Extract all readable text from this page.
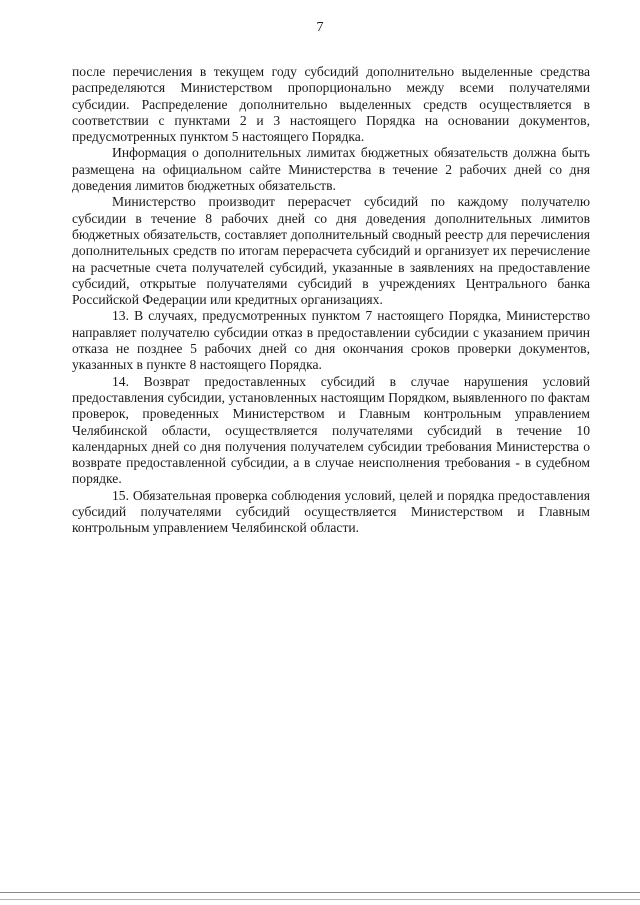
7

после перечисления в текущем году субсидий дополнительно выделенные средства распределяются Министерством пропорционально между всеми получателями субсидии. Распределение дополнительно выделенных средств осуществляется в соответствии с пунктами 2 и 3 настоящего Порядка на основании документов, предусмотренных пунктом 5 настоящего Порядка.

Информация о дополнительных лимитах бюджетных обязательств должна быть размещена на официальном сайте Министерства в течение 2 рабочих дней со дня доведения лимитов бюджетных обязательств.

Министерство производит перерасчет субсидий по каждому получателю субсидии в течение 8 рабочих дней со дня доведения дополнительных лимитов бюджетных обязательств, составляет дополнительный сводный реестр для перечисления дополнительных средств по итогам перерасчета субсидий и организует их перечисление на расчетные счета получателей субсидий, указанные в заявлениях на предоставление субсидий, открытые получателями субсидий в учреждениях Центрального банка Российской Федерации или кредитных организациях.

13. В случаях, предусмотренных пунктом 7 настоящего Порядка, Министерство направляет получателю субсидии отказ в предоставлении субсидии с указанием причин отказа не позднее 5 рабочих дней со дня окончания сроков проверки документов, указанных в пункте 8 настоящего Порядка.

14. Возврат предоставленных субсидий в случае нарушения условий предоставления субсидии, установленных настоящим Порядком, выявленного по фактам проверок, проведенных Министерством и Главным контрольным управлением Челябинской области, осуществляется получателями субсидий в течение 10 календарных дней со дня получения получателем субсидии требования Министерства о возврате предоставленной субсидии, а в случае неисполнения требования - в судебном порядке.

15. Обязательная проверка соблюдения условий, целей и порядка предоставления субсидий получателями субсидий осуществляется Министерством и Главным контрольным управлением Челябинской области.
